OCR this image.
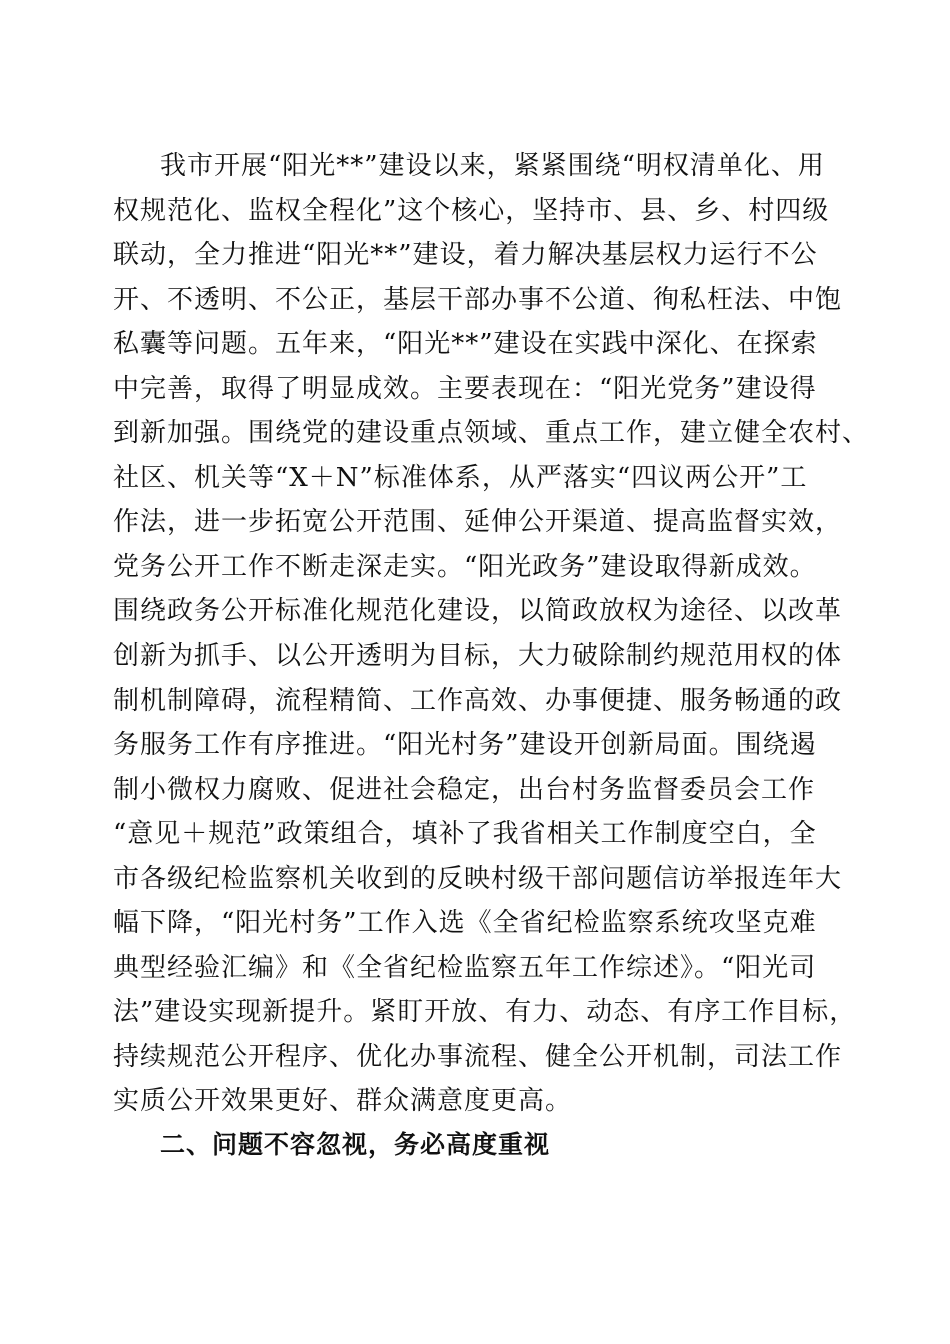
我市开展“阳光**”建设以来，紧紧围绕“明权清单化、用
权规范化、监权全程化”这个核心，坚持市、县、乡、村四级
联动，全力推进“阳光**”建设，着力解决基层权力运行不公
开、不透明、不公正，基层干部办事不公道、徇私枉法、中饱
私囊等问题。五年来，“阳光**”建设在实践中深化、在探索
中完善，取得了明显成效。主要表现在：“阳光党务”建设得
到新加强。围绕党的建设重点领域、重点工作，建立健全农村、
社区、机关等“X＋N”标准体系，从严落实“四议两公开”工
作法，进一步拓宽公开范围、延伸公开渠道、提高监督实效，
党务公开工作不断走深走实。“阳光政务”建设取得新成效。
围绕政务公开标准化规范化建设，以简政放权为途径、以改革
创新为抓手、以公开透明为目标，大力破除制约规范用权的体
制机制障碍，流程精简、工作高效、办事便捷、服务畅通的政
务服务工作有序推进。“阳光村务”建设开创新局面。围绕遏
制小微权力腐败、促进社会稳定，出台村务监督委员会工作
“意见＋规范”政策组合，填补了我省相关工作制度空白，全
市各级纪检监察机关收到的反映村级干部问题信访举报连年大
幅下降，“阳光村务”工作入选《全省纪检监察系统攻坚克难
典型经验汇编》和《全省纪检监察五年工作综述》。“阳光司
法”建设实现新提升。紧盯开放、有力、动态、有序工作目标，
持续规范公开程序、优化办事流程、健全公开机制，司法工作
实质公开效果更好、群众满意度更高。
二、问题不容忽视，务必高度重视
